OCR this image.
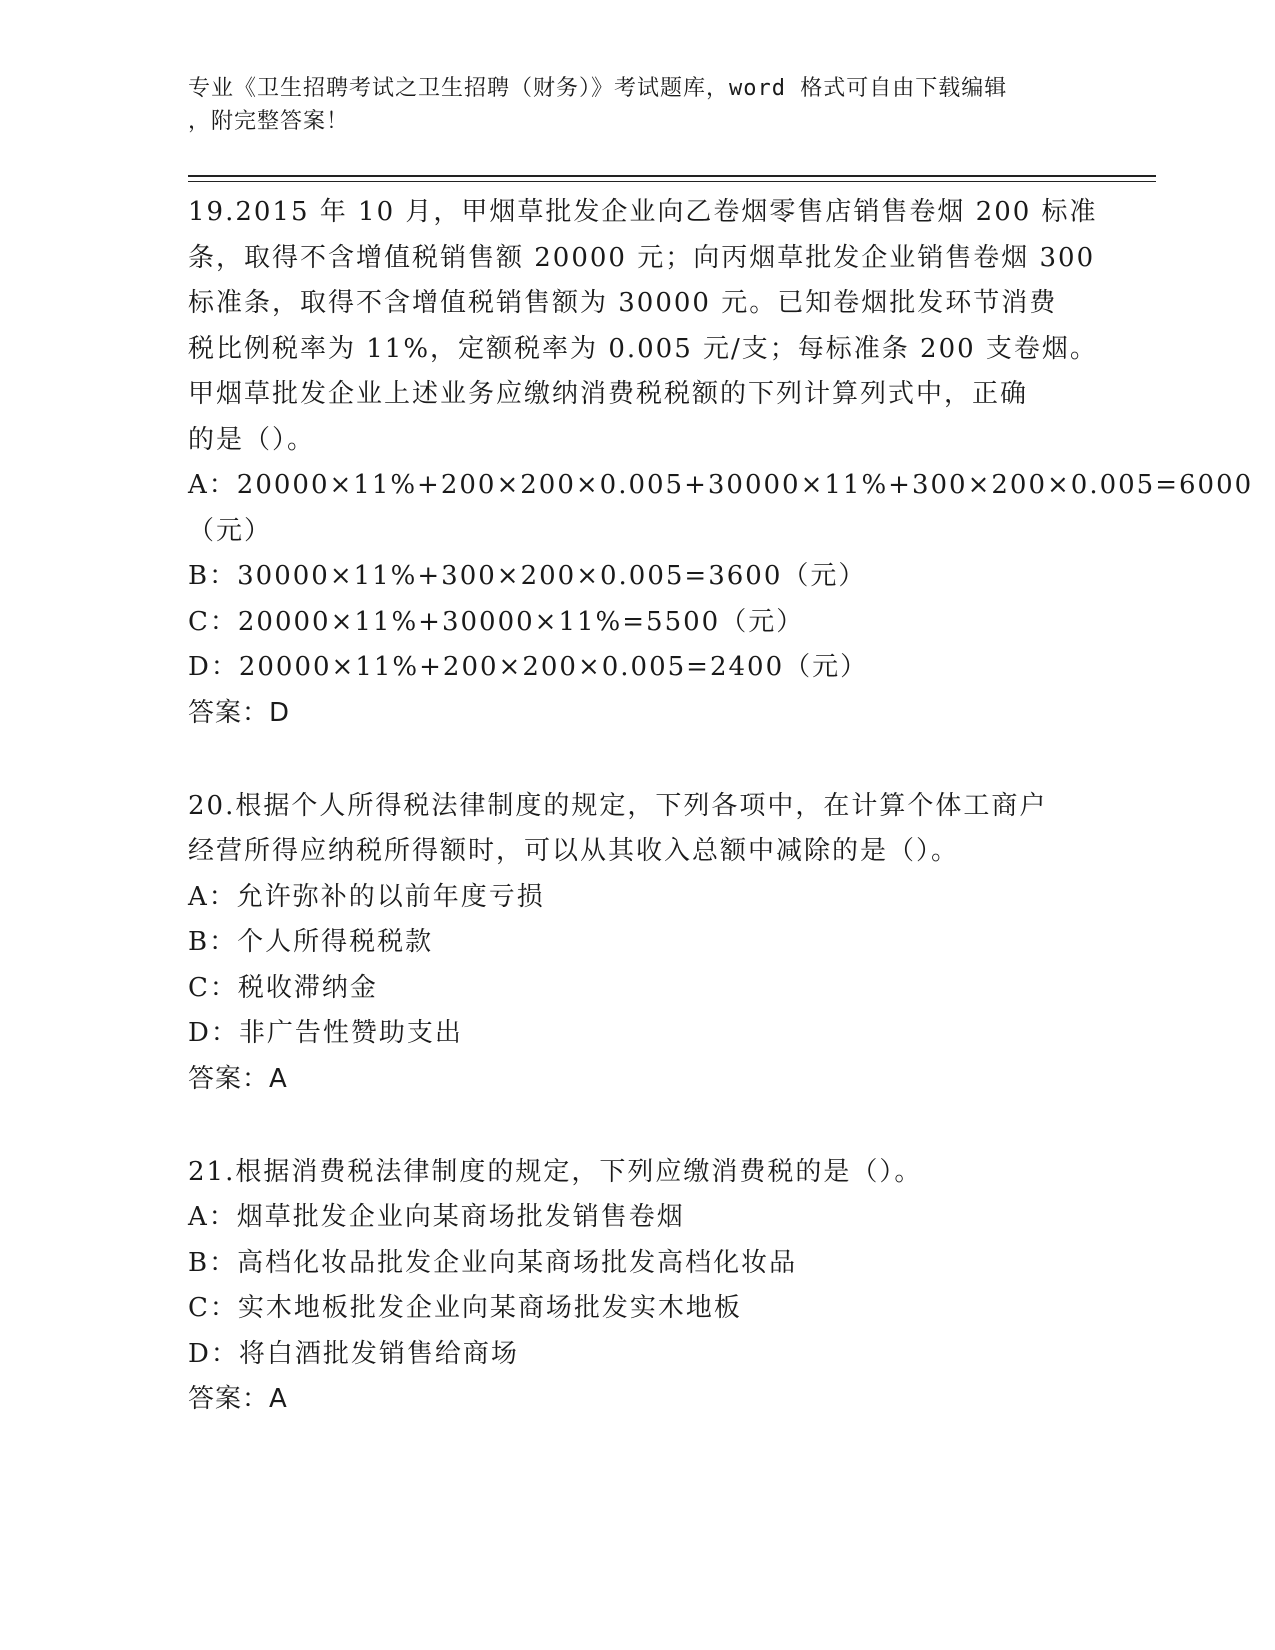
专业《卫生招聘考试之卫生招聘（财务）》考试题库，word 格式可自由下载编辑
，附完整答案！
19.2015 年 10 月，甲烟草批发企业向乙卷烟零售店销售卷烟 200 标准
条，取得不含增值税销售额 20000 元；向丙烟草批发企业销售卷烟 300
标准条，取得不含增值税销售额为 30000 元。已知卷烟批发环节消费
税比例税率为 11%，定额税率为 0.005 元/支；每标准条 200 支卷烟。
甲烟草批发企业上述业务应缴纳消费税税额的下列计算列式中，正确
的是（）。
A：20000×11%+200×200×0.005+30000×11%+300×200×0.005=6000
（元）
B：30000×11%+300×200×0.005=3600（元）
C：20000×11%+30000×11%=5500（元）
D：20000×11%+200×200×0.005=2400（元）
答案：D
20.根据个人所得税法律制度的规定，下列各项中，在计算个体工商户
经营所得应纳税所得额时，可以从其收入总额中减除的是（）。
A：允许弥补的以前年度亏损
B：个人所得税税款
C：税收滞纳金
D：非广告性赞助支出
答案：A
21.根据消费税法律制度的规定，下列应缴消费税的是（）。
A：烟草批发企业向某商场批发销售卷烟
B：高档化妆品批发企业向某商场批发高档化妆品
C：实木地板批发企业向某商场批发实木地板
D：将白酒批发销售给商场
答案：A
